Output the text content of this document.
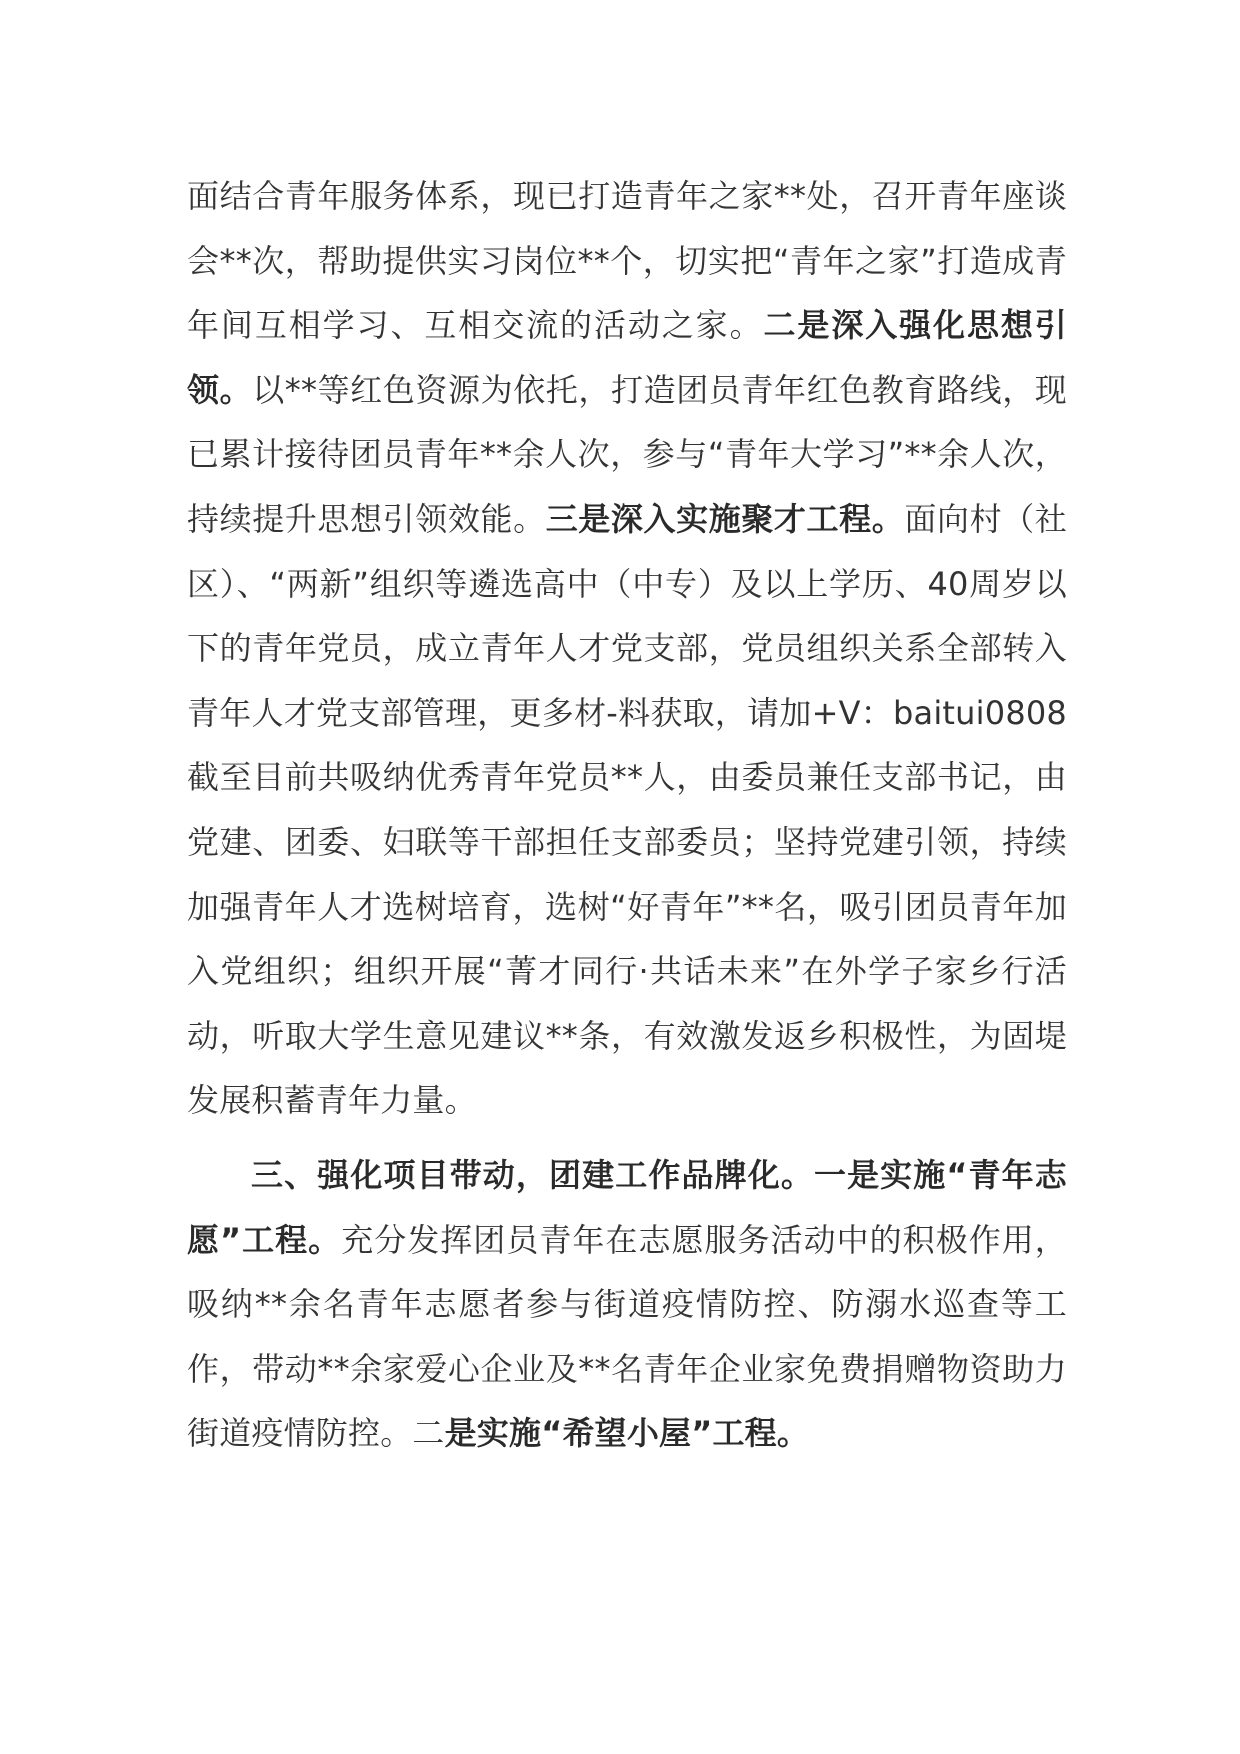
面结合青年服务体系，现已打造青年之家**处，召开青年座谈会**次，帮助提供实习岗位**个，切实把“青年之家”打造成青年间互相学习、互相交流的活动之家。二是深入强化思想引领。以**等红色资源为依托，打造团员青年红色教育路线，现已累计接待团员青年**余人次，参与“青年大学习”**余人次，持续提升思想引领效能。三是深入实施聚才工程。面向村（社区）、“两新”组织等遴选高中（中专）及以上学历、40周岁以下的青年党员，成立青年人才党支部，党员组织关系全部转入青年人才党支部管理，更多材-料获取，请加+V：baitui0808 截至目前共吸纳优秀青年党员**人，由委员兼任支部书记，由党建、团委、妇联等干部担任支部委员；坚持党建引领，持续加强青年人才选树培育，选树“好青年”**名，吸引团员青年加入党组织；组织开展“菁才同行·共话未来”在外学子家乡行活动，听取大学生意见建议**条，有效激发返乡积极性，为固堤发展积蓄青年力量。

三、强化项目带动，团建工作品牌化。一是实施“青年志愿”工程。充分发挥团员青年在志愿服务活动中的积极作用，吸纳**余名青年志愿者参与街道疫情防控、防溺水巡查等工作，带动**余家爱心企业及**名青年企业家免费捐赠物资助力街道疫情防控。二是实施“希望小屋”工程。
